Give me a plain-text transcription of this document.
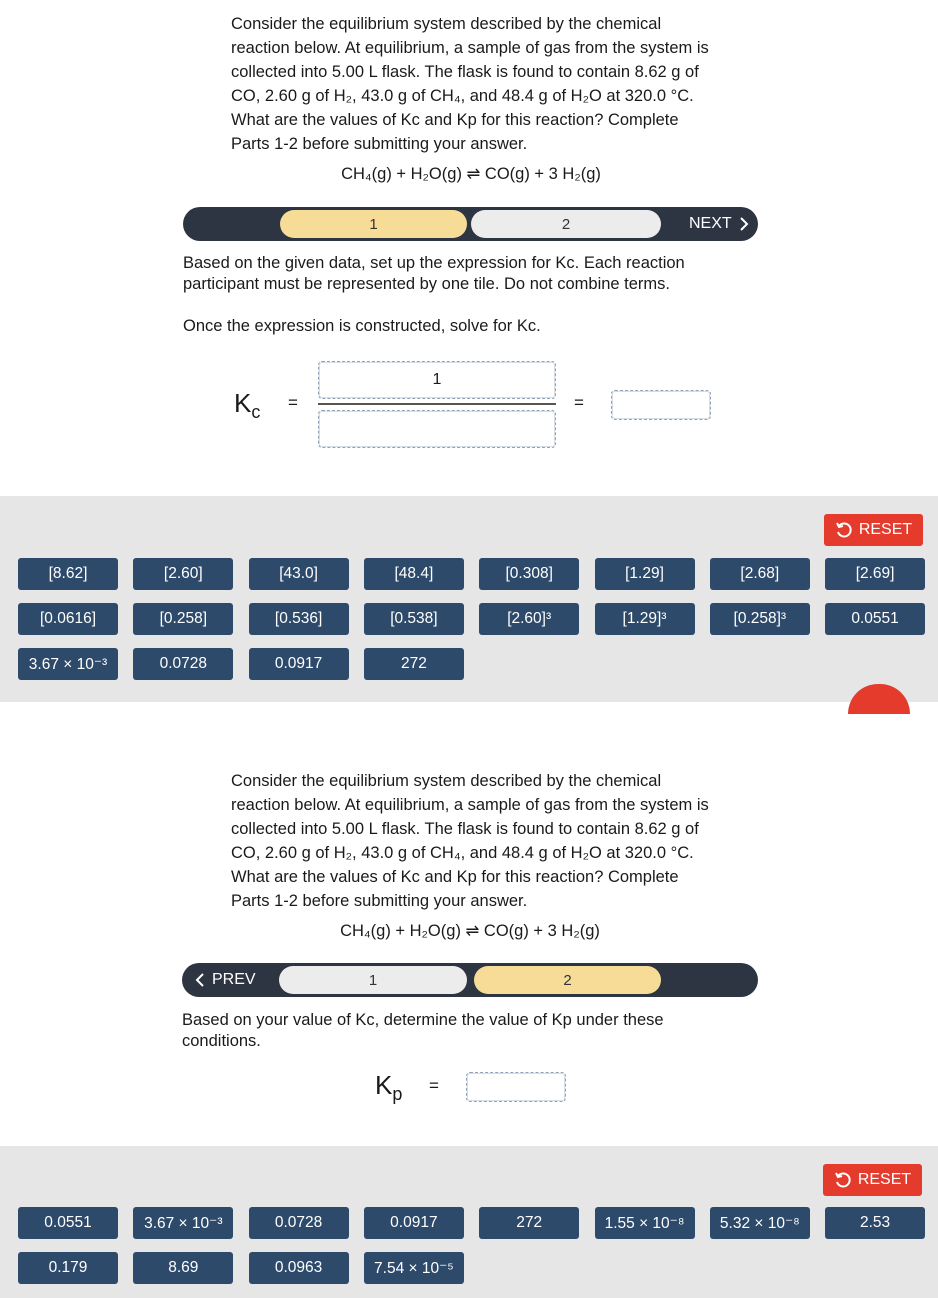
Consider the equilibrium system described by the chemical reaction below. At equilibrium, a sample of gas from the system is collected into 5.00 L flask. The flask is found to contain 8.62 g of CO, 2.60 g of H₂, 43.0 g of CH₄, and 48.4 g of H₂O at 320.0 °C. What are the values of Kc and Kp for this reaction? Complete Parts 1-2 before submitting your answer.
CH₄(g) + H₂O(g) ⇌ CO(g) + 3 H₂(g)
1	2	NEXT
Based on the given data, set up the expression for Kc. Each reaction participant must be represented by one tile. Do not combine terms.
Once the expression is constructed, solve for Kc.
$K_c$ =
1
=
RESET
[8.62]	[2.60]	[43.0]	[48.4]	[0.308]	[1.29]	[2.68]	[2.69]
[0.0616]	[0.258]	[0.536]	[0.538]	[2.60]³	[1.29]³	[0.258]³	0.0551
3.67 × 10⁻³	0.0728	0.0917	272
Consider the equilibrium system described by the chemical reaction below. At equilibrium, a sample of gas from the system is collected into 5.00 L flask. The flask is found to contain 8.62 g of CO, 2.60 g of H₂, 43.0 g of CH₄, and 48.4 g of H₂O at 320.0 °C. What are the values of Kc and Kp for this reaction? Complete Parts 1-2 before submitting your answer.
CH₄(g) + H₂O(g) ⇌ CO(g) + 3 H₂(g)
PREV	1	2
Based on your value of Kc, determine the value of Kp under these conditions.
$K_p$ =
RESET
0.0551	3.67 × 10⁻³	0.0728	0.0917	272	1.55 × 10⁻⁸	5.32 × 10⁻⁸	2.53
0.179	8.69	0.0963	7.54 × 10⁻⁵
